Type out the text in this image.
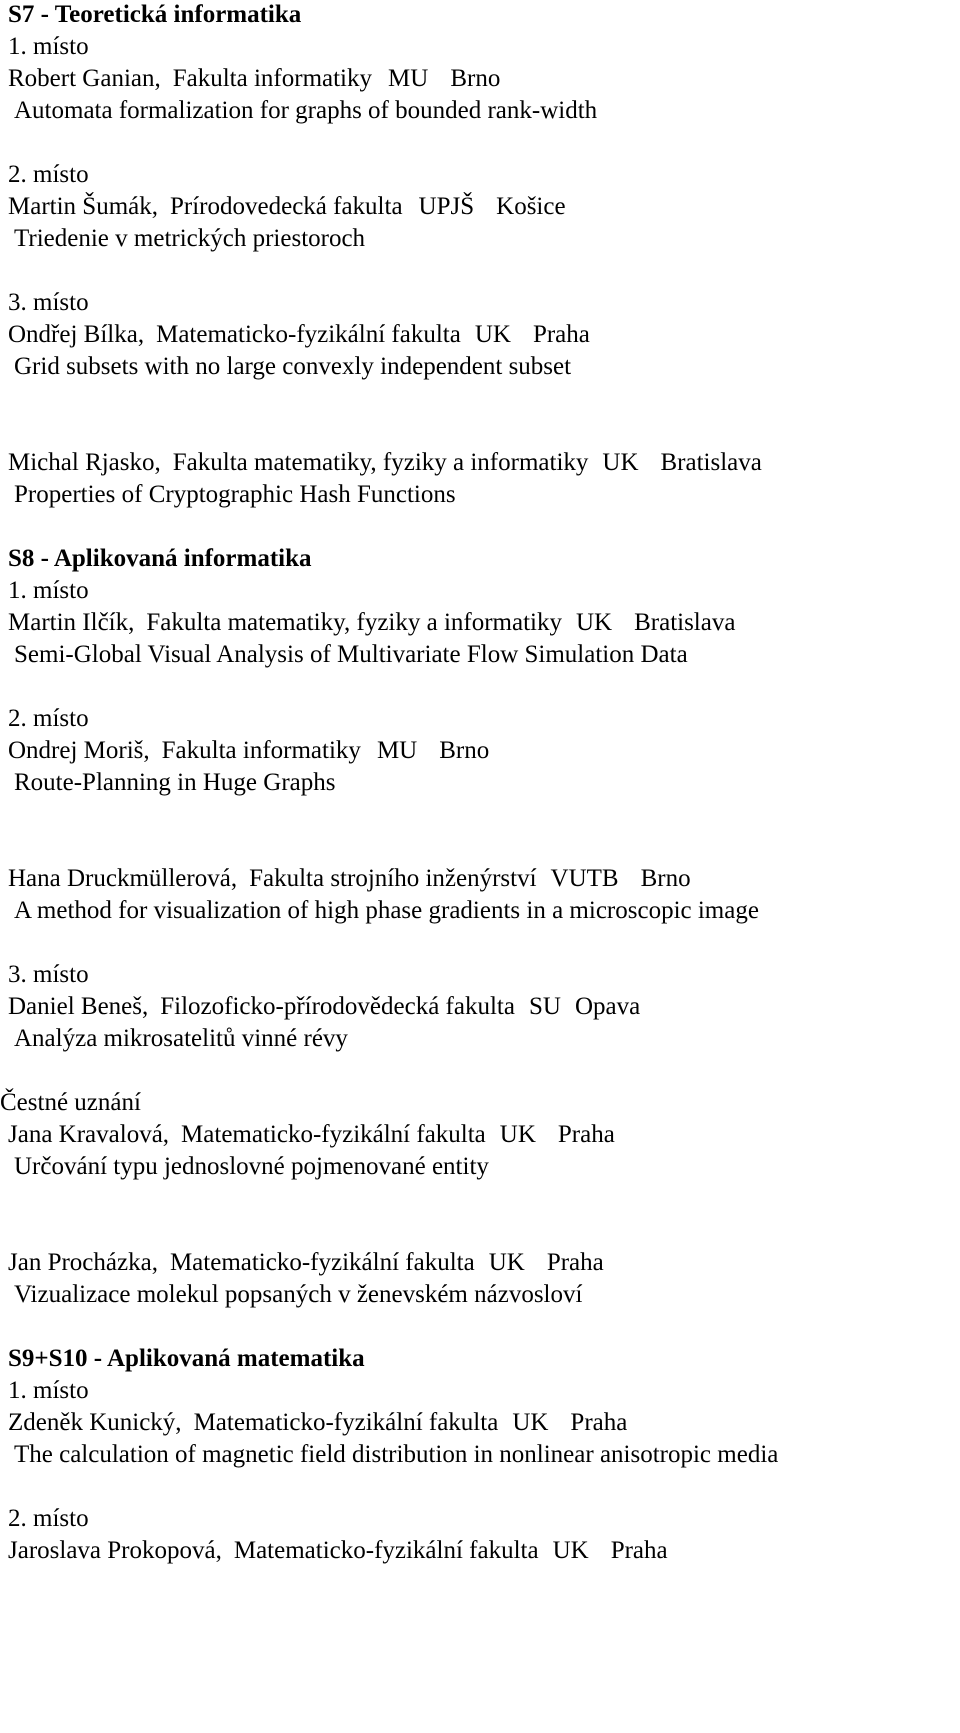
S7 - Teoretická informatika
1. místo
Robert Ganian, Fakulta informatiky MU Brno
Automata formalization for graphs of bounded rank-width
2. místo
Martin Šumák, Prírodovedecká fakulta UPJŠ Košice
Triedenie v metrických priestoroch
3. místo
Ondřej Bílka, Matematicko-fyzikální fakulta UK Praha
Grid subsets with no large convexly independent subset
Michal Rjasko, Fakulta matematiky, fyziky a informatiky UK Bratislava
Properties of Cryptographic Hash Functions
S8 - Aplikovaná informatika
1. místo
Martin Ilčík, Fakulta matematiky, fyziky a informatiky UK Bratislava
Semi-Global Visual Analysis of Multivariate Flow Simulation Data
2. místo
Ondrej Moriš, Fakulta informatiky MU Brno
Route-Planning in Huge Graphs
Hana Druckmüllerová, Fakulta strojního inženýrství VUTB Brno
A method for visualization of high phase gradients in a microscopic image
3. místo
Daniel Beneš, Filozoficko-přírodovědecká fakulta SU Opava
Analýza mikrosatelitů vinné révy
Čestné uznání
Jana Kravalová, Matematicko-fyzikální fakulta UK Praha
Určování typu jednoslovné pojmenované entity
Jan Procházka, Matematicko-fyzikální fakulta UK Praha
Vizualizace molekul popsaných v ženevském názvosloví
S9+S10 - Aplikovaná matematika
1. místo
Zdeněk Kunický, Matematicko-fyzikální fakulta UK Praha
The calculation of magnetic field distribution in nonlinear anisotropic media
2. místo
Jaroslava Prokopová, Matematicko-fyzikální fakulta UK Praha
